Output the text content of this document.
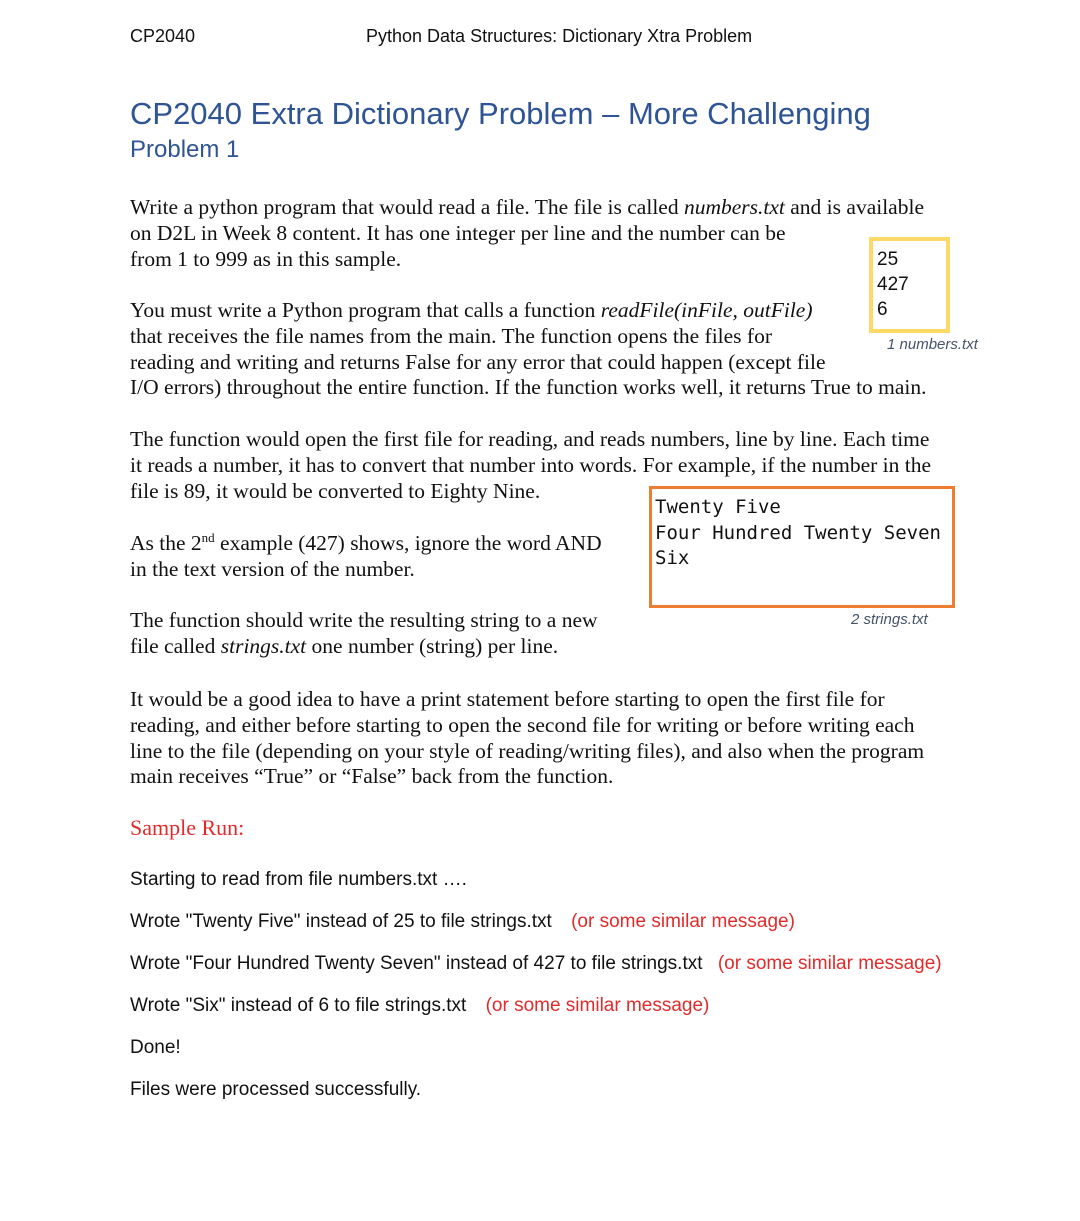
CP2040	Python Data Structures: Dictionary Xtra Problem
CP2040 Extra Dictionary Problem – More Challenging
Problem 1
Write a python program that would read a file. The file is called numbers.txt and is available
on D2L in Week 8 content. It has one integer per line and the number can be
from 1 to 999 as in this sample.	25
427
6
1 numbers.txt
You must write a Python program that calls a function readFile(inFile, outFile)
that receives the file names from the main. The function opens the files for
reading and writing and returns False for any error that could happen (except file
I/O errors) throughout the entire function. If the function works well, it returns True to main.
The function would open the first file for reading, and reads numbers, line by line. Each time
it reads a number, it has to convert that number into words. For example, if the number in the
file is 89, it would be converted to Eighty Nine.
Twenty Five
Four Hundred Twenty Seven
Six
2 strings.txt
As the 2nd example (427) shows, ignore the word AND
in the text version of the number.
The function should write the resulting string to a new
file called strings.txt one number (string) per line.
It would be a good idea to have a print statement before starting to open the first file for
reading, and either before starting to open the second file for writing or before writing each
line to the file (depending on your style of reading/writing files), and also when the program
main receives “True” or “False” back from the function.
Sample Run:
Starting to read from file numbers.txt ….
Wrote "Twenty Five" instead of 25 to file strings.txt (or some similar message)
Wrote "Four Hundred Twenty Seven" instead of 427 to file strings.txt (or some similar message)
Wrote "Six" instead of 6 to file strings.txt (or some similar message)
Done!
Files were processed successfully.
